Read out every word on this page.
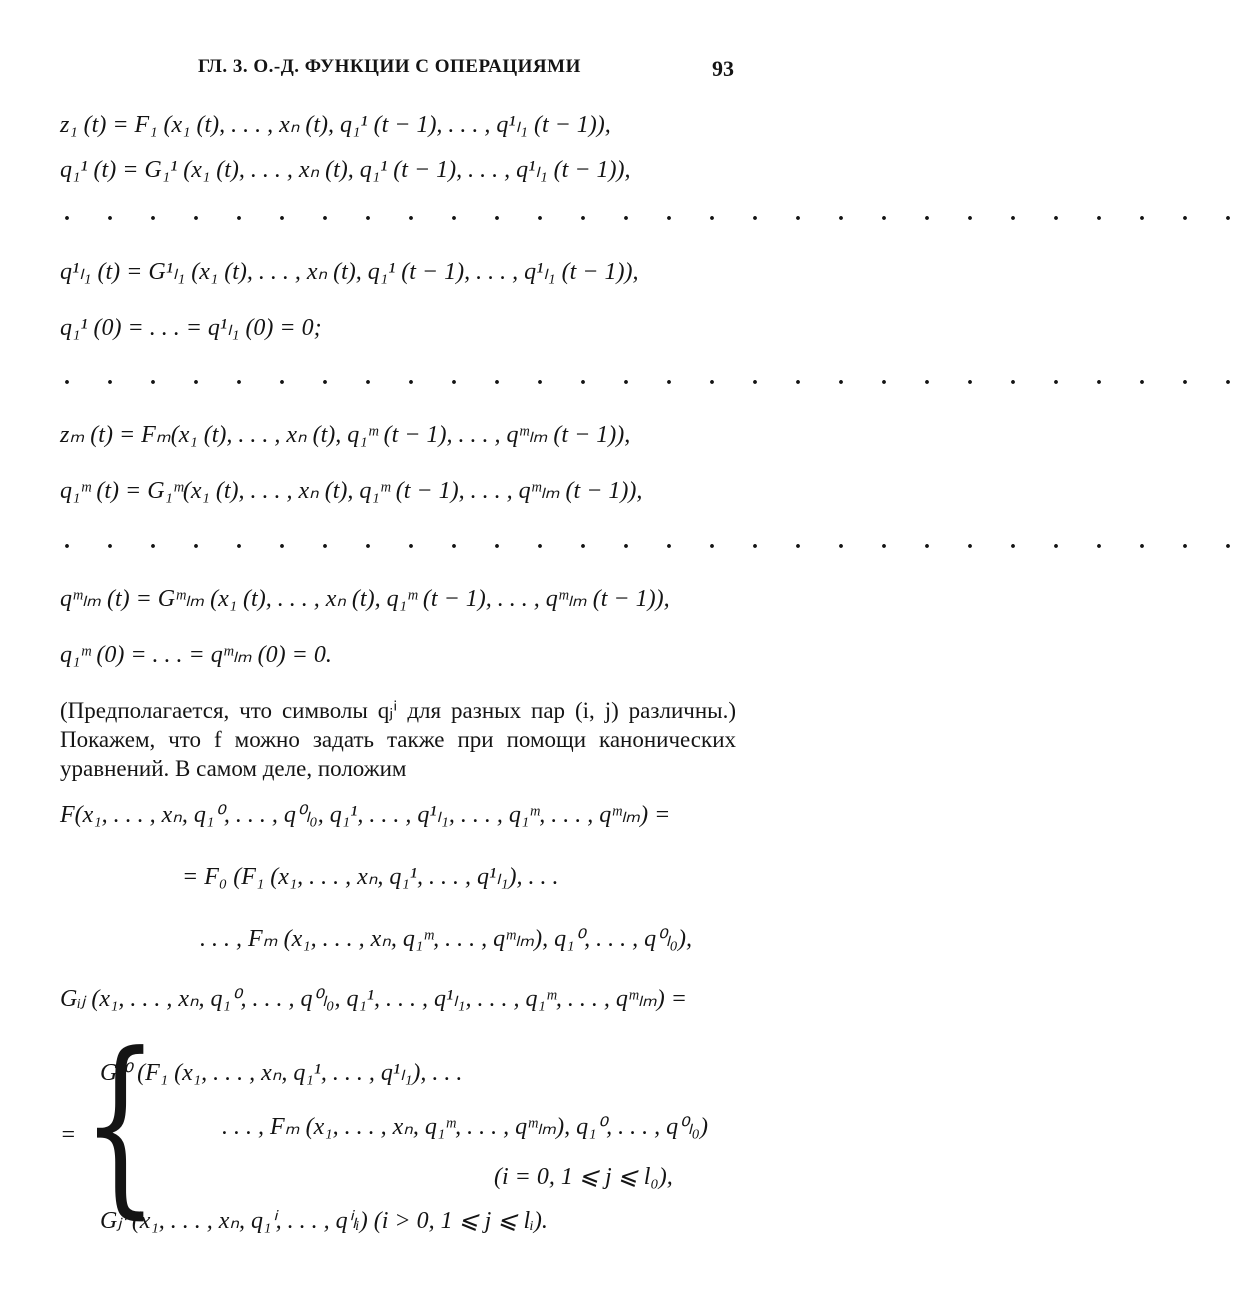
ГЛ. 3. О.-Д. ФУНКЦИИ С ОПЕРАЦИЯМИ	93
z₁ (t) = F₁ (x₁ (t), . . . , xₙ (t), q₁¹ (t − 1), . . . , q¹ₗ₁ (t − 1)),
q₁¹ (t) = G₁¹ (x₁ (t), . . . , xₙ (t), q₁¹ (t − 1), . . . , q¹ₗ₁ (t − 1)),
. . . . . . . . . . . . . . . . . . . . . . . . . . . .
q¹ₗ₁ (t) = G¹ₗ₁ (x₁ (t), . . . , xₙ (t), q₁¹ (t − 1), . . . , q¹ₗ₁ (t − 1)),
q₁¹ (0) = . . . = q¹ₗ₁ (0) = 0;
. . . . . . . . . . . . . . . . . . . . . . . . . . . .
zₘ (t) = Fₘ(x₁ (t), . . . , xₙ (t), q₁ᵐ (t − 1), . . . , qᵐₗₘ (t − 1)),
q₁ᵐ (t) = G₁ᵐ(x₁ (t), . . . , xₙ (t), q₁ᵐ (t − 1), . . . , qᵐₗₘ (t − 1)),
. . . . . . . . . . . . . . . . . . . . . . . . . . . .
qᵐₗₘ (t) = Gᵐₗₘ (x₁ (t), . . . , xₙ (t), q₁ᵐ (t − 1), . . . , qᵐₗₘ (t − 1)),
q₁ᵐ (0) = . . . = qᵐₗₘ (0) = 0.
(Предполагается, что символы qⱼⁱ для разных пар (i, j) различны.) Покажем, что f можно задать также при помощи канонических уравнений. В самом деле, положим
F(x₁, . . . , xₙ, q₁⁰, . . . , q⁰ₗ₀, q₁¹, . . . , q¹ₗ₁, . . . , q₁ᵐ, . . . , qᵐₗₘ) =
= F₀ (F₁ (x₁, . . . , xₙ, q₁¹, . . . , q¹ₗ₁), . . .
. . . , Fₘ (x₁, . . . , xₙ, q₁ᵐ, . . . , qᵐₗₘ), q₁⁰, . . . , q⁰ₗ₀),
Gᵢⱼ (x₁, . . . , xₙ, q₁⁰, . . . , q⁰ₗ₀, q₁¹, . . . , q¹ₗ₁, . . . , q₁ᵐ, . . . , qᵐₗₘ) =
= {
Gⱼ⁰ (F₁ (x₁, . . . , xₙ, q₁¹, . . . , q¹ₗ₁), . . .
. . . , Fₘ (x₁, . . . , xₙ, q₁ᵐ, . . . , qᵐₗₘ), q₁⁰, . . . , q⁰ₗ₀)
(i = 0, 1 ⩽ j ⩽ l₀),
Gⱼⁱ (x₁, . . . , xₙ, q₁ⁱ, . . . , qⁱₗᵢ) (i > 0, 1 ⩽ j ⩽ lᵢ).
